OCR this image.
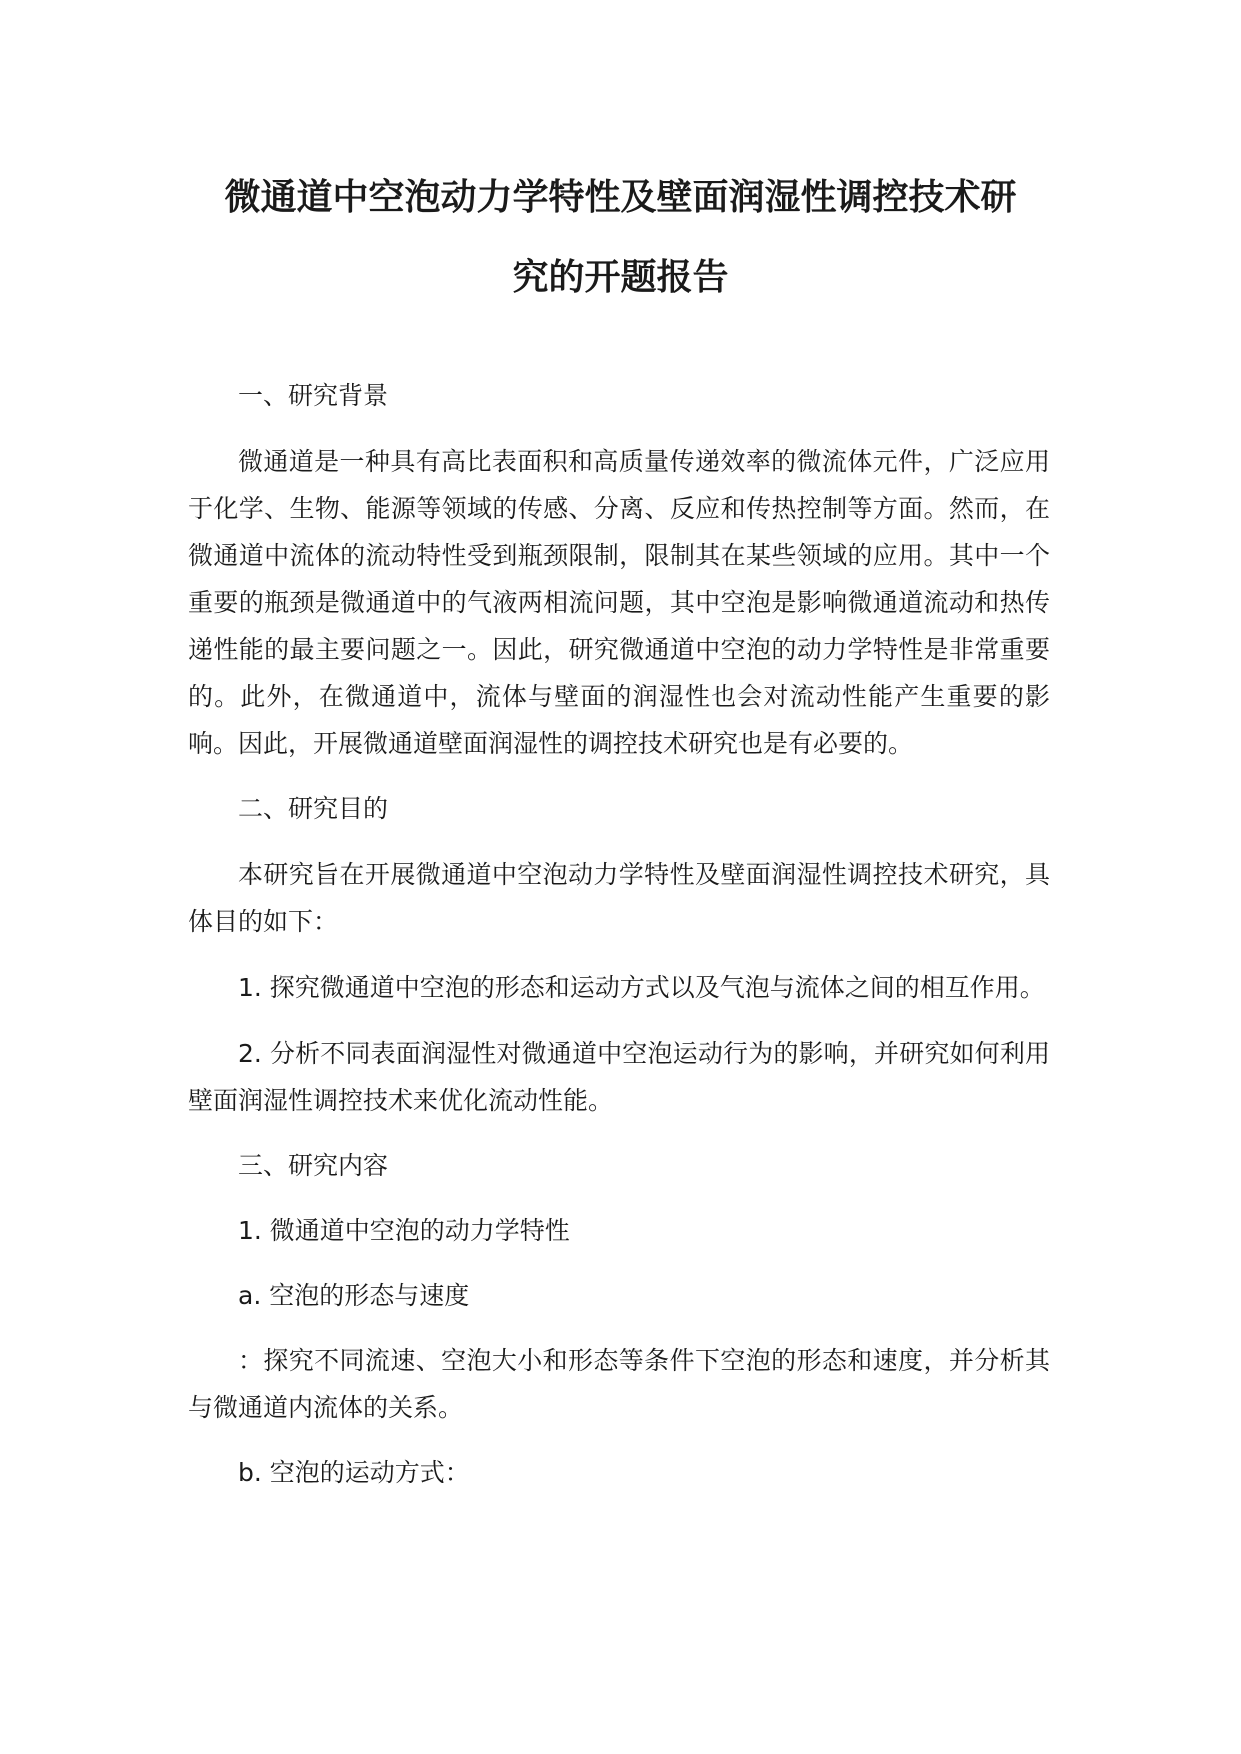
微通道中空泡动力学特性及壁面润湿性调控技术研
究的开题报告

一、研究背景

微通道是一种具有高比表面积和高质量传递效率的微流体元件，广泛应用于化学、生物、能源等领域的传感、分离、反应和传热控制等方面。然而，在微通道中流体的流动特性受到瓶颈限制，限制其在某些领域的应用。其中一个重要的瓶颈是微通道中的气液两相流问题，其中空泡是影响微通道流动和热传递性能的最主要问题之一。因此，研究微通道中空泡的动力学特性是非常重要的。此外，在微通道中，流体与壁面的润湿性也会对流动性能产生重要的影响。因此，开展微通道壁面润湿性的调控技术研究也是有必要的。

二、研究目的

本研究旨在开展微通道中空泡动力学特性及壁面润湿性调控技术研究，具体目的如下：

1. 探究微通道中空泡的形态和运动方式以及气泡与流体之间的相互作用。

2. 分析不同表面润湿性对微通道中空泡运动行为的影响，并研究如何利用壁面润湿性调控技术来优化流动性能。

三、研究内容

1. 微通道中空泡的动力学特性

a. 空泡的形态与速度

：探究不同流速、空泡大小和形态等条件下空泡的形态和速度，并分析其与微通道内流体的关系。

b. 空泡的运动方式：
